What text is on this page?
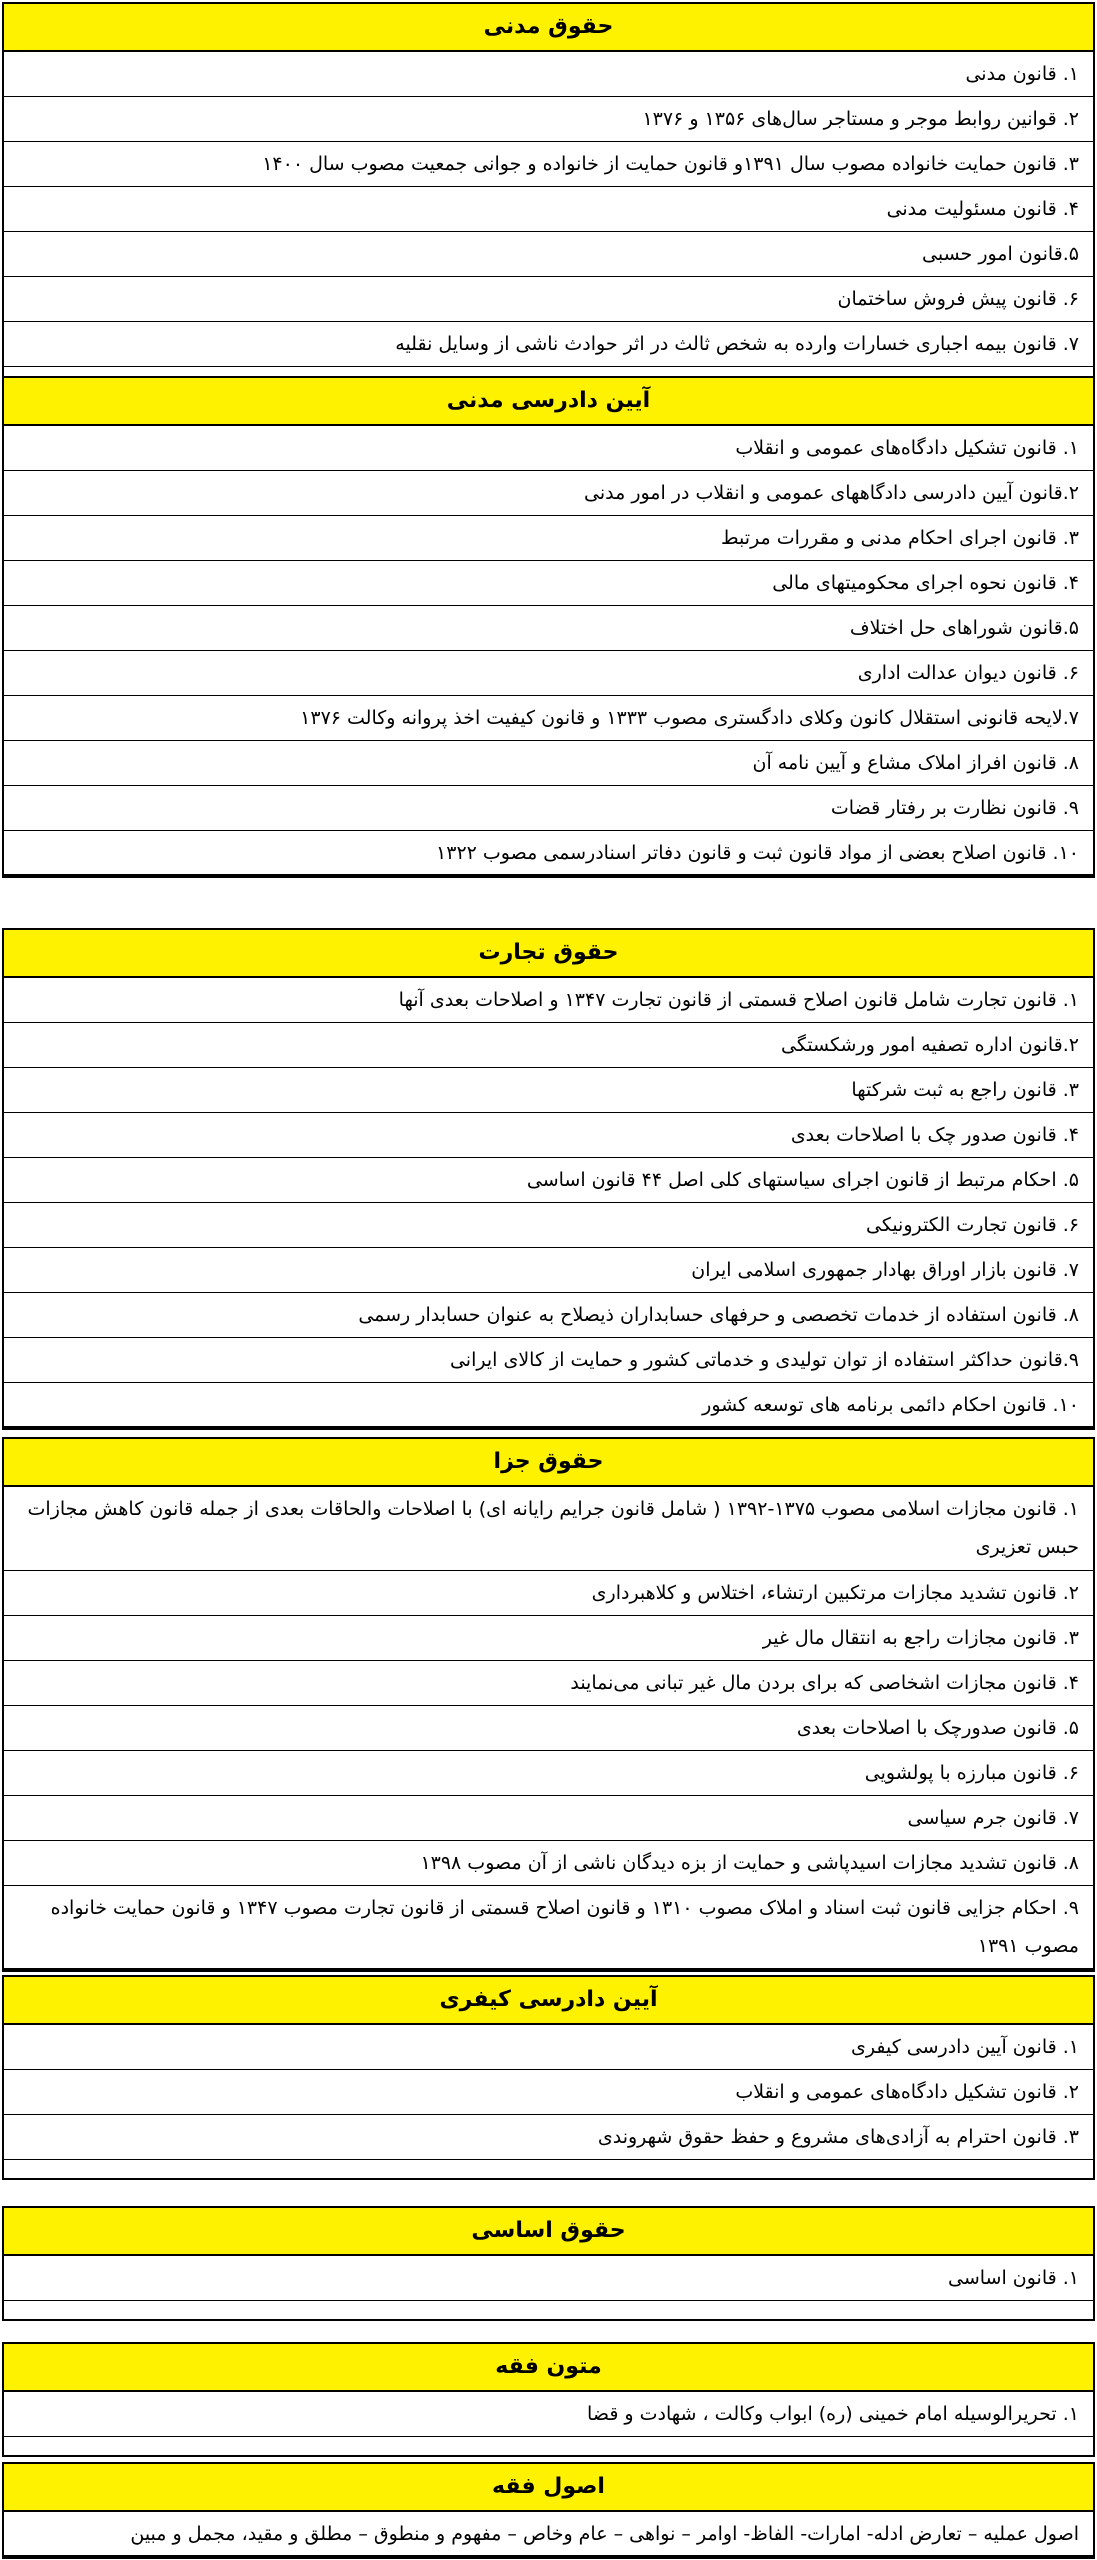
حقوق مدنی
۱. قانون مدنی
۲. قوانین روابط موجر و مستاجر سال‌های ۱۳۵۶ و ۱۳۷۶
۳. قانون حمایت خانواده مصوب سال ۱۳۹۱و قانون حمایت از خانواده و جوانی جمعیت مصوب سال ۱۴۰۰
۴. قانون مسئولیت مدنی
۵.قانون امور حسبی
۶. قانون پیش فروش ساختمان
۷. قانون بیمه اجباری خسارات وارده به شخص ثالث در اثر حوادث ناشی از وسایل نقلیه
آیین دادرسی مدنی
۱. قانون تشکیل دادگاه‌های عمومی و انقلاب
۲.قانون آیین دادرسی دادگاههای عمومی و انقلاب در امور مدنی
۳. قانون اجرای احکام مدنی و مقررات مرتبط
۴. قانون نحوه اجرای محکومیتهای مالی
۵.قانون شوراهای حل اختلاف
۶. قانون دیوان عدالت اداری
۷.لایحه قانونی استقلال کانون وکلای دادگستری مصوب ۱۳۳۳ و قانون کیفیت اخذ پروانه وکالت ۱۳۷۶
۸. قانون افراز املاک مشاع و آیین نامه آن
۹. قانون نظارت بر رفتار قضات
۱۰. قانون اصلاح بعضی از مواد قانون ثبت و قانون دفاتر اسنادرسمی مصوب ۱۳۲۲
حقوق تجارت
۱. قانون تجارت شامل قانون اصلاح قسمتی از قانون تجارت ۱۳۴۷ و اصلاحات بعدی آنها
۲.قانون اداره تصفیه امور ورشکستگی
۳. قانون راجع به ثبت شرکتها
۴. قانون صدور چک با اصلاحات بعدی
۵. احکام مرتبط از قانون اجرای سیاستهای کلی اصل ۴۴ قانون اساسی
۶. قانون تجارت الکترونیکی
۷. قانون بازار اوراق بهادار جمهوری اسلامی ایران
۸. قانون استفاده از خدمات تخصصی و حرفهای حسابداران ذیصلاح به عنوان حسابدار رسمی
۹.قانون حداکثر استفاده از توان تولیدی و خدماتی کشور و حمایت از کالای ایرانی
۱۰. قانون احکام دائمی برنامه های توسعه کشور
حقوق جزا
۱. قانون مجازات اسلامی مصوب ۱۳۷۵-۱۳۹۲ ( شامل قانون جرایم رایانه ای) با اصلاحات والحاقات بعدی از جمله قانون کاهش مجازات حبس تعزیری
۲. قانون تشدید مجازات مرتکبین ارتشاء، اختلاس و کلاهبرداری
۳. قانون مجازات راجع به انتقال مال غیر
۴. قانون مجازات اشخاصی که برای بردن مال غیر تبانی می‌نمایند
۵. قانون صدورچک با اصلاحات بعدی
۶. قانون مبارزه با پولشویی
۷. قانون جرم سیاسی
۸. قانون تشدید مجازات اسیدپاشی و حمایت از بزه دیدگان ناشی از آن مصوب ۱۳۹۸
۹. احکام جزایی قانون ثبت اسناد و املاک مصوب ۱۳۱۰ و قانون اصلاح قسمتی از قانون تجارت مصوب ۱۳۴۷ و قانون حمایت خانواده مصوب ۱۳۹۱
آیین دادرسی کیفری
۱. قانون آیین دادرسی کیفری
۲. قانون تشکیل دادگاه‌های عمومی و انقلاب
۳. قانون احترام به آزادی‌های مشروع و حفظ حقوق شهروندی
حقوق اساسی
۱. قانون اساسی
متون فقه
۱. تحریرالوسیله امام خمینی (ره) ابواب وکالت ، شهادت و قضا
اصول فقه
اصول عملیه – تعارض ادله- امارات- الفاظ- اوامر – نواهی – عام وخاص – مفهوم و منطوق – مطلق و مقید، مجمل و مبین
